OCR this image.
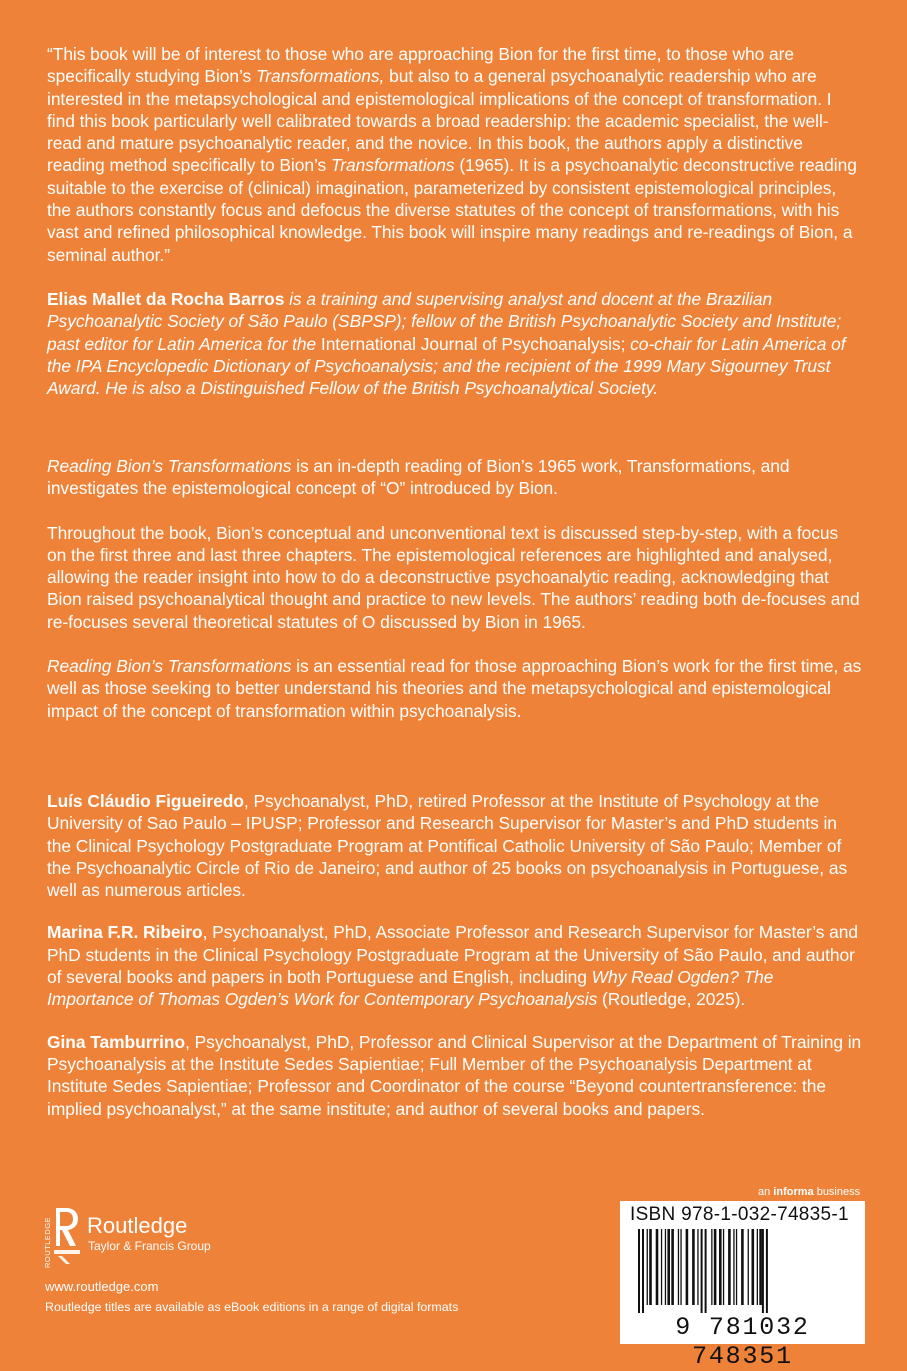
“This book will be of interest to those who are approaching Bion for the first time, to those who are specifically studying Bion’s Transformations, but also to a general psychoanalytic readership who are interested in the metapsychological and epistemological implications of the concept of transformation. I find this book particularly well calibrated towards a broad readership: the academic specialist, the well-read and mature psychoanalytic reader, and the novice. In this book, the authors apply a distinctive reading method specifically to Bion’s Transformations (1965). It is a psychoanalytic deconstructive reading suitable to the exercise of (clinical) imagination, parameterized by consistent epistemological principles, the authors constantly focus and defocus the diverse statutes of the concept of transformations, with his vast and refined philosophical knowledge. This book will inspire many readings and re-readings of Bion, a seminal author.”

Elias Mallet da Rocha Barros is a training and supervising analyst and docent at the Brazilian Psychoanalytic Society of São Paulo (SBPSP); fellow of the British Psychoanalytic Society and Institute; past editor for Latin America for the International Journal of Psychoanalysis; co-chair for Latin America of the IPA Encyclopedic Dictionary of Psychoanalysis; and the recipient of the 1999 Mary Sigourney Trust Award. He is also a Distinguished Fellow of the British Psychoanalytical Society.

Reading Bion’s Transformations is an in-depth reading of Bion’s 1965 work, Transformations, and investigates the epistemological concept of “O” introduced by Bion.

Throughout the book, Bion’s conceptual and unconventional text is discussed step-by-step, with a focus on the first three and last three chapters. The epistemological references are highlighted and analysed, allowing the reader insight into how to do a deconstructive psychoanalytic reading, acknowledging that Bion raised psychoanalytical thought and practice to new levels. The authors’ reading both de-focuses and re-focuses several theoretical statutes of O discussed by Bion in 1965.

Reading Bion’s Transformations is an essential read for those approaching Bion’s work for the first time, as well as those seeking to better understand his theories and the metapsychological and epistemological impact of the concept of transformation within psychoanalysis.

Luís Cláudio Figueiredo, Psychoanalyst, PhD, retired Professor at the Institute of Psychology at the University of Sao Paulo – IPUSP; Professor and Research Supervisor for Master’s and PhD students in the Clinical Psychology Postgraduate Program at Pontifical Catholic University of São Paulo; Member of the Psychoanalytic Circle of Rio de Janeiro; and author of 25 books on psychoanalysis in Portuguese, as well as numerous articles.

Marina F.R. Ribeiro, Psychoanalyst, PhD, Associate Professor and Research Supervisor for Master’s and PhD students in the Clinical Psychology Postgraduate Program at the University of São Paulo, and author of several books and papers in both Portuguese and English, including Why Read Ogden? The Importance of Thomas Ogden’s Work for Contemporary Psychoanalysis (Routledge, 2025).

Gina Tamburrino, Psychoanalyst, PhD, Professor and Clinical Supervisor at the Department of Training in Psychoanalysis at the Institute Sedes Sapientiae; Full Member of the Psychoanalysis Department at Institute Sedes Sapientiae; Professor and Coordinator of the course “Beyond countertransference: the implied psychoanalyst,” at the same institute; and author of several books and papers.

ROUTLEDGE Routledge
Taylor & Francis Group
www.routledge.com
Routledge titles are available as eBook editions in a range of digital formats
an informa business
ISBN 978-1-032-74835-1
9 781032 748351
